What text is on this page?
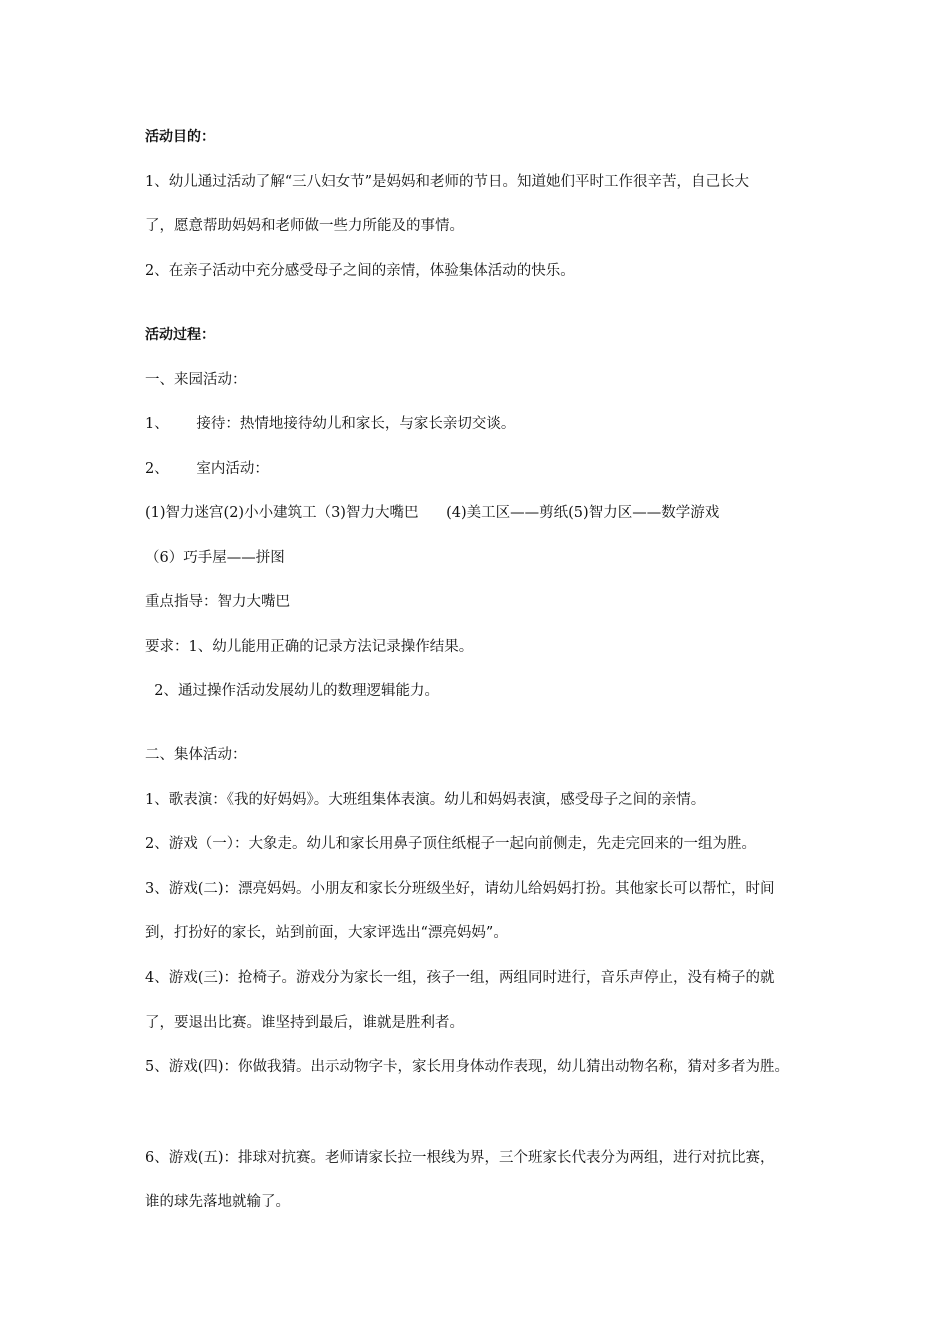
活动目的：
1、幼儿通过活动了解“三八妇女节”是妈妈和老师的节日。知道她们平时工作很辛苦，自己长大
了，愿意帮助妈妈和老师做一些力所能及的事情。
2、在亲子活动中充分感受母子之间的亲情，体验集体活动的快乐。
活动过程：
一、来园活动：
1、      接待：热情地接待幼儿和家长，与家长亲切交谈。
2、      室内活动：
(1)智力迷宫(2)小小建筑工（3)智力大嘴巴      (4)美工区——剪纸(5)智力区——数学游戏
（6）巧手屋——拼图
重点指导：智力大嘴巴
要求：1、幼儿能用正确的记录方法记录操作结果。
2、通过操作活动发展幼儿的数理逻辑能力。
二、集体活动：
1、歌表演：《我的好妈妈》。大班组集体表演。幼儿和妈妈表演，感受母子之间的亲情。
2、游戏（一）：大象走。幼儿和家长用鼻子顶住纸棍子一起向前侧走，先走完回来的一组为胜。
3、游戏(二)：漂亮妈妈。小朋友和家长分班级坐好，请幼儿给妈妈打扮。其他家长可以帮忙，时间
到，打扮好的家长，站到前面，大家评选出“漂亮妈妈”。
4、游戏(三)：抢椅子。游戏分为家长一组，孩子一组，两组同时进行，音乐声停止，没有椅子的就
了，要退出比赛。谁坚持到最后，谁就是胜利者。
5、游戏(四)：你做我猜。出示动物字卡，家长用身体动作表现，幼儿猜出动物名称，猜对多者为胜。
6、游戏(五)：排球对抗赛。老师请家长拉一根线为界，三个班家长代表分为两组，进行对抗比赛，
谁的球先落地就输了。
